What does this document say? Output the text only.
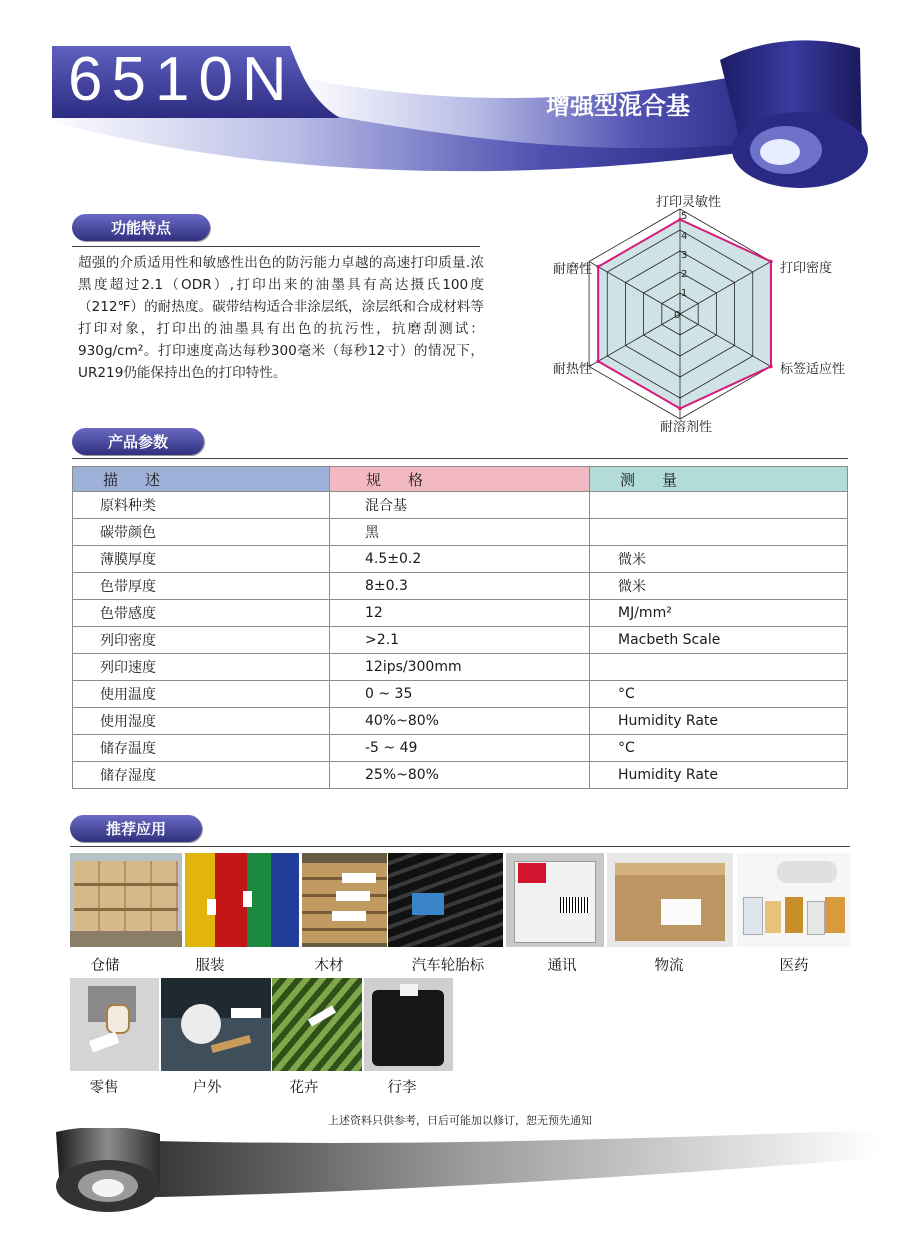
6510N	增强型混合基
功能特点
超强的介质适用性和敏感性出色的防污能力卓越的高速打印质量.浓黑度超过2.1（ODR）,打印出来的油墨具有高达摄氏100度（212℉）的耐热度。碳带结构适合非涂层纸，涂层纸和合成材料等打印对象，打印出的油墨具有出色的抗污性，抗磨刮测试：930g/cm²。打印速度高达每秒300毫米（每秒12寸）的情况下，UR219仍能保持出色的打印特性。
打印灵敏性
打印密度
标签适应性
耐溶剂性
耐热性
耐磨性
0
1
2
3
4
5
产品参数
描　述	规　格	测　量
原料种类	混合基	
碳带颜色	黑	
薄膜厚度	4.5±0.2	微米
色带厚度	8±0.3	微米
色带感度	12	MJ/mm²
列印密度	>2.1	Macbeth Scale
列印速度	12ips/300mm	
使用温度	0 ~ 35	°C
使用湿度	40%~80%	Humidity Rate
储存温度	-5 ~ 49	°C
储存湿度	25%~80%	Humidity Rate
推荐应用
仓储	服装	木材	汽车轮胎标	通讯	物流	医药
零售	户外	花卉	行李
上述资料只供参考，日后可能加以修订，恕无预先通知
